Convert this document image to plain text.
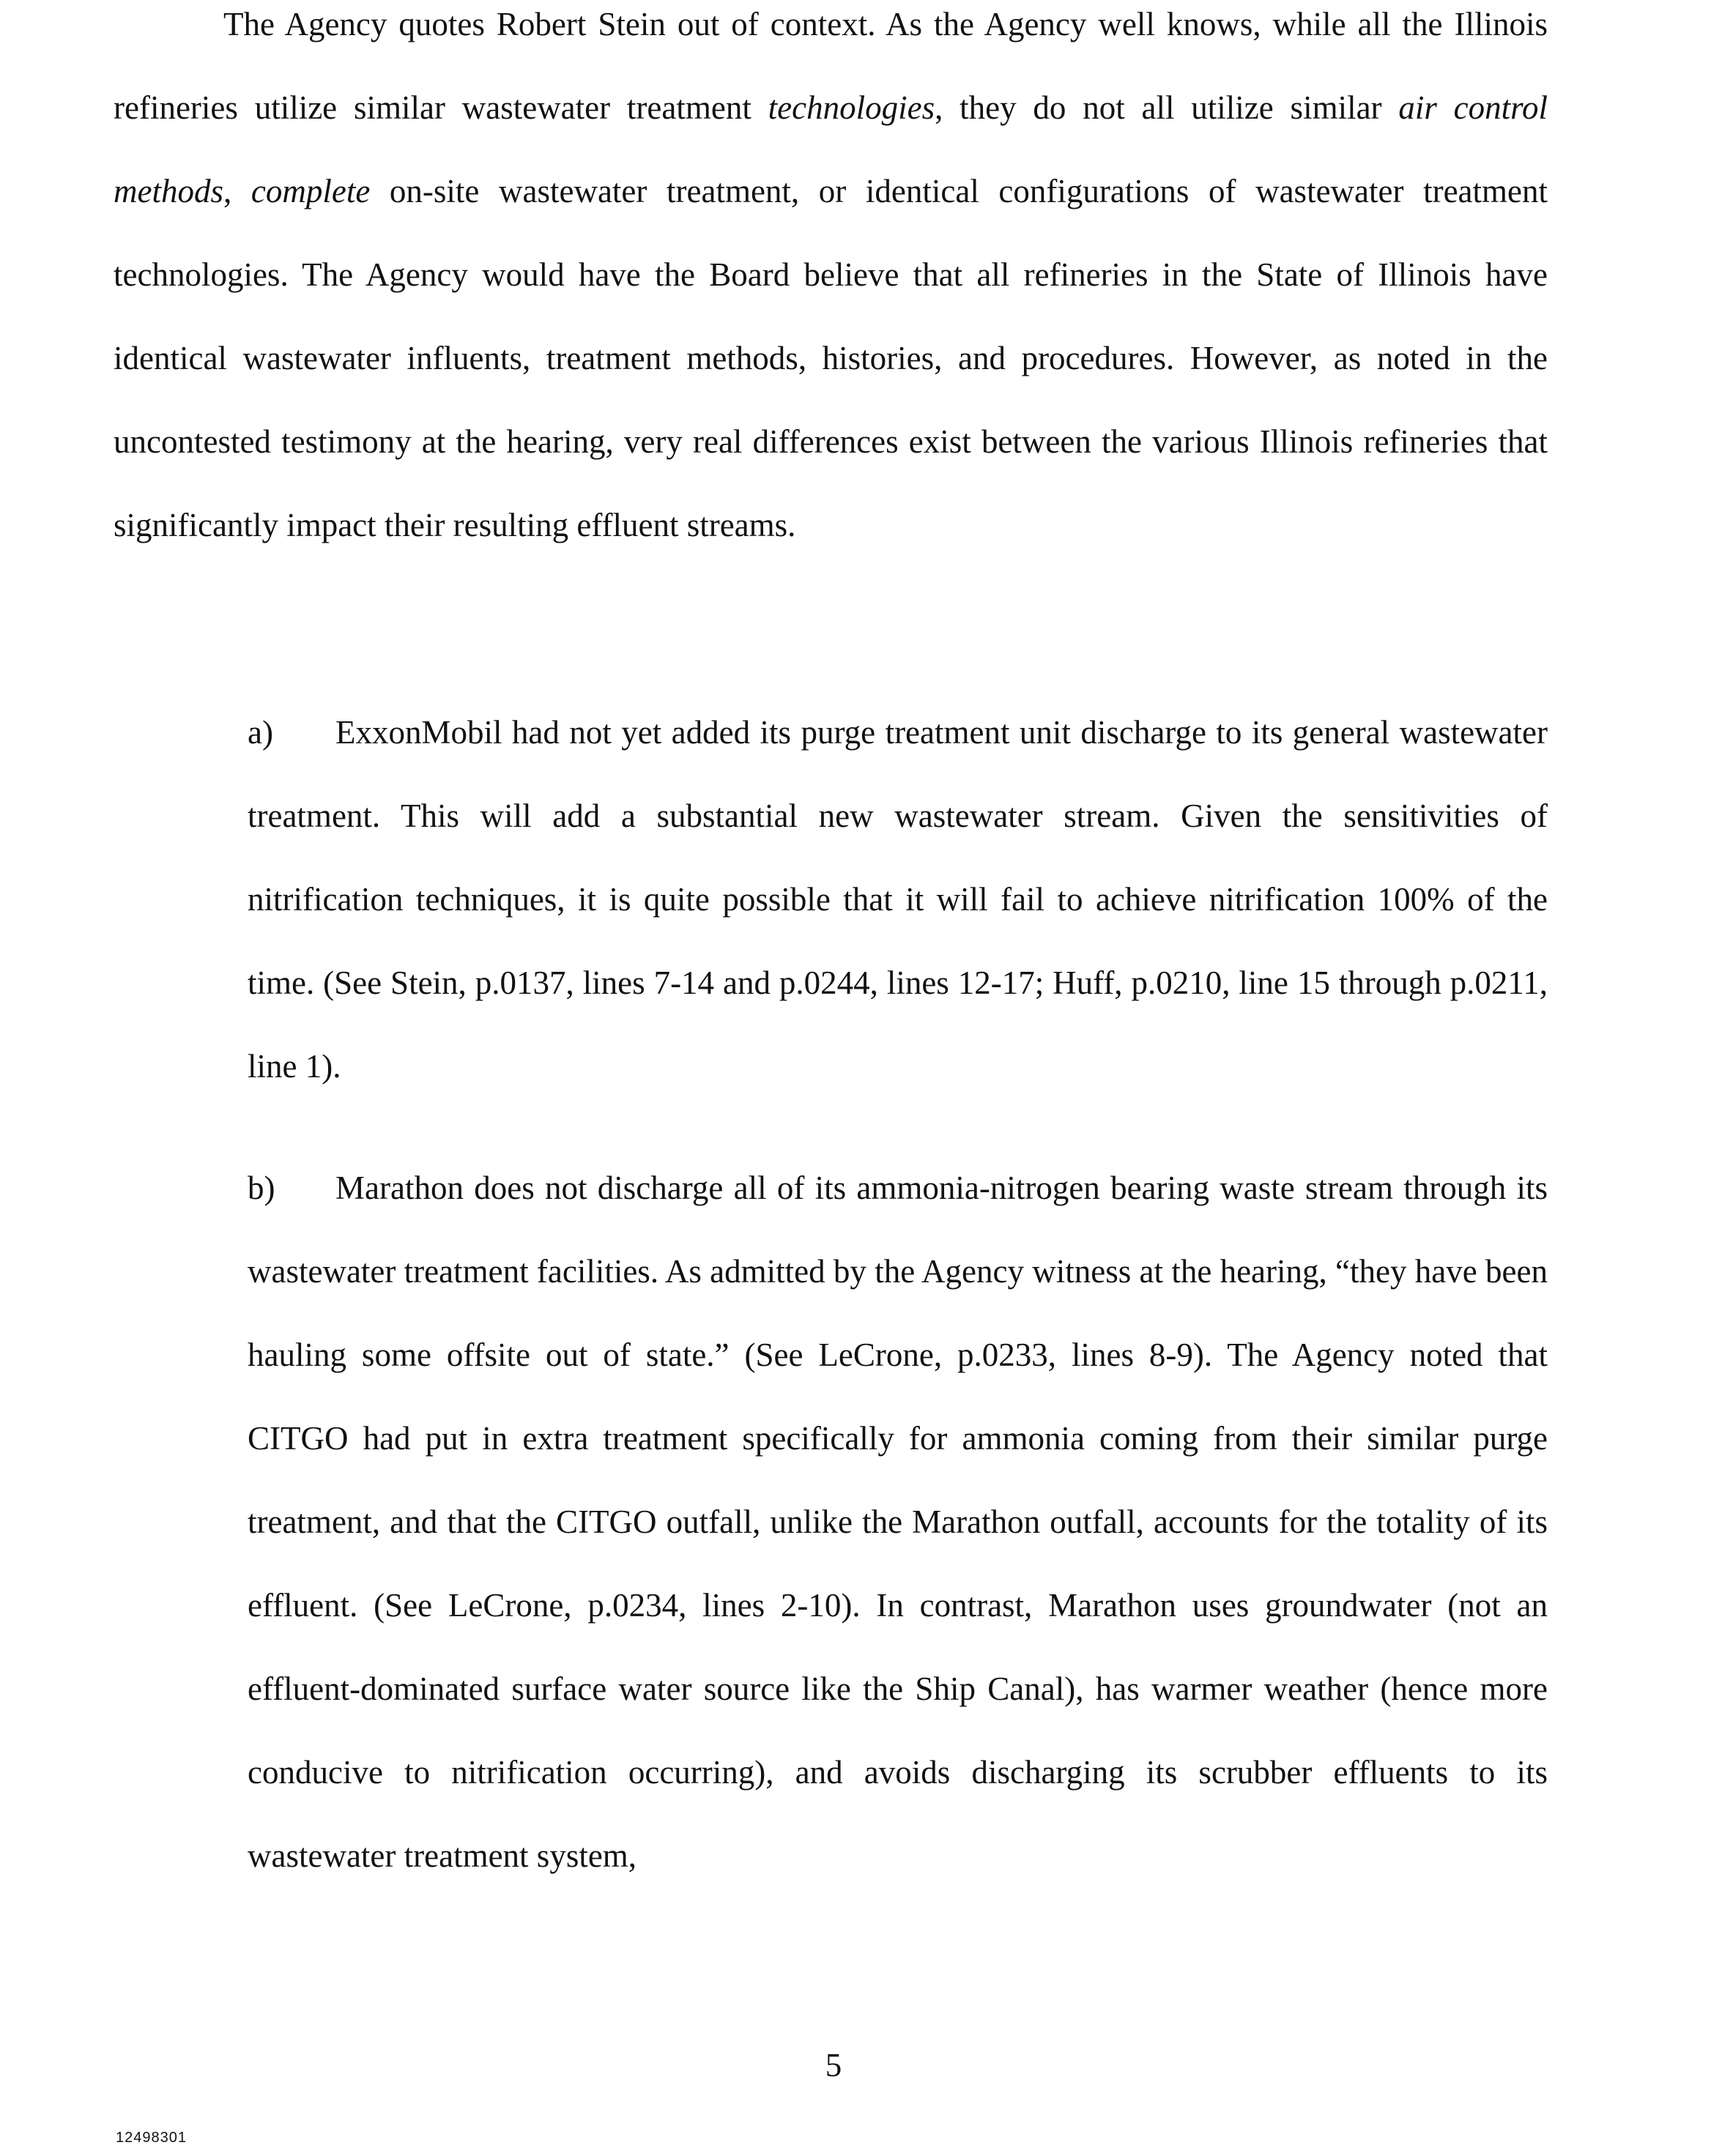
The Agency quotes Robert Stein out of context. As the Agency well knows, while all the Illinois refineries utilize similar wastewater treatment technologies, they do not all utilize similar air control methods, complete on-site wastewater treatment, or identical configurations of wastewater treatment technologies. The Agency would have the Board believe that all refineries in the State of Illinois have identical wastewater influents, treatment methods, histories, and procedures. However, as noted in the uncontested testimony at the hearing, very real differences exist between the various Illinois refineries that significantly impact their resulting effluent streams.

a) ExxonMobil had not yet added its purge treatment unit discharge to its general wastewater treatment. This will add a substantial new wastewater stream. Given the sensitivities of nitrification techniques, it is quite possible that it will fail to achieve nitrification 100% of the time. (See Stein, p.0137, lines 7-14 and p.0244, lines 12-17; Huff, p.0210, line 15 through p.0211, line 1).

b) Marathon does not discharge all of its ammonia-nitrogen bearing waste stream through its wastewater treatment facilities. As admitted by the Agency witness at the hearing, “they have been hauling some offsite out of state.” (See LeCrone, p.0233, lines 8-9). The Agency noted that CITGO had put in extra treatment specifically for ammonia coming from their similar purge treatment, and that the CITGO outfall, unlike the Marathon outfall, accounts for the totality of its effluent. (See LeCrone, p.0234, lines 2-10). In contrast, Marathon uses groundwater (not an effluent-dominated surface water source like the Ship Canal), has warmer weather (hence more conducive to nitrification occurring), and avoids discharging its scrubber effluents to its wastewater treatment system,

5
12498301
